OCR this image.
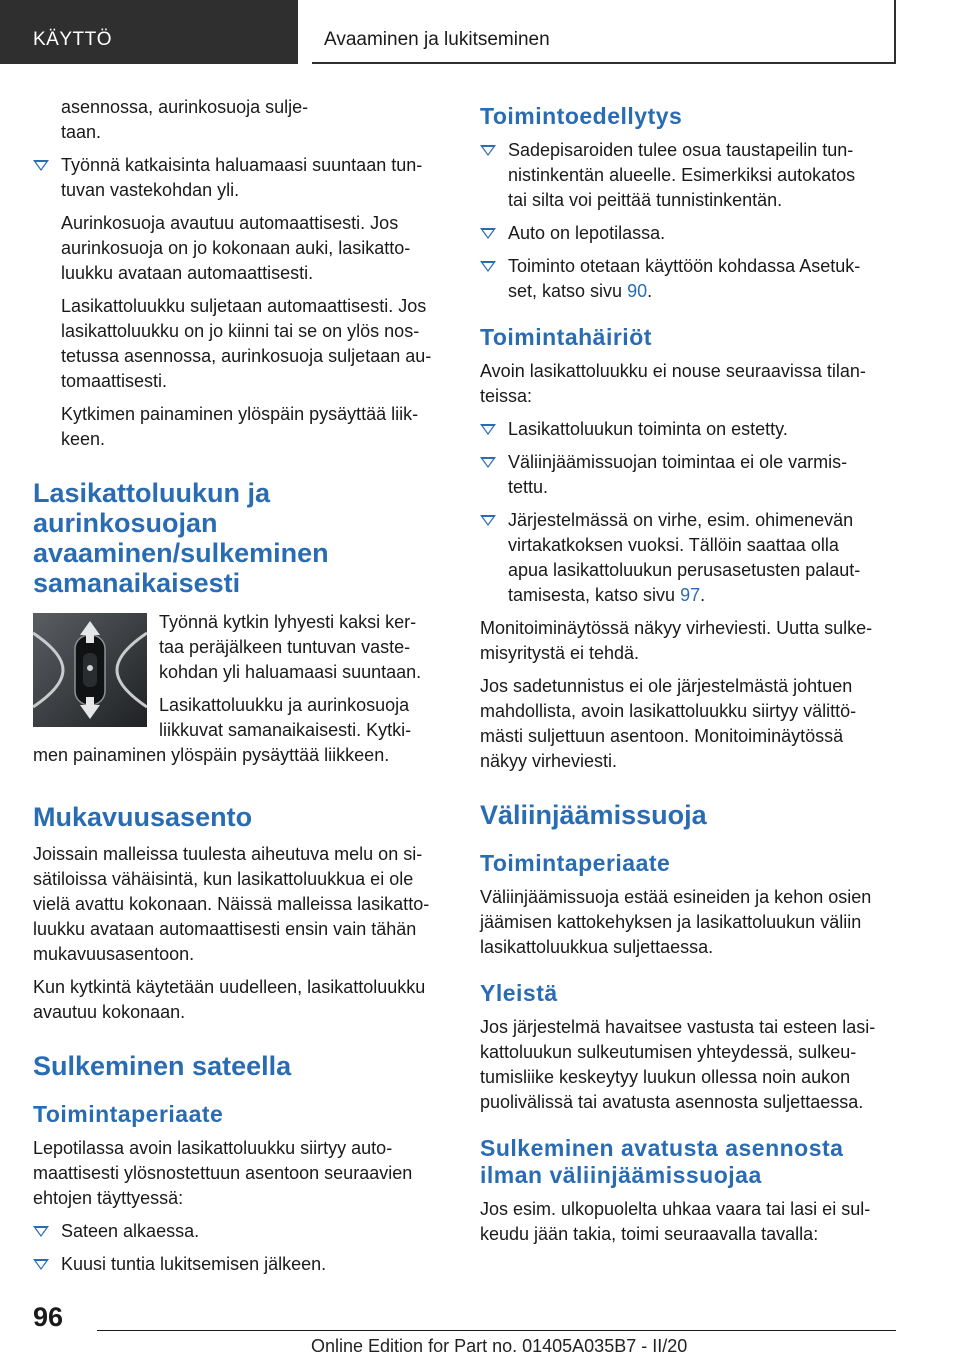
KÄYTTÖ	Avaaminen ja lukitseminen

asennossa, aurinkosuoja sulje-
taan.

Työnnä katkaisinta haluamaasi suuntaan tun-
tuvan vastekohdan yli.

Aurinkosuoja avautuu automaattisesti. Jos
aurinkosuoja on jo kokonaan auki, lasikatto-
luukku avataan automaattisesti.

Lasikattoluukku suljetaan automaattisesti. Jos
lasikattoluukku on jo kiinni tai se on ylös nos-
tetussa asennossa, aurinkosuoja suljetaan au-
tomaattisesti.

Kytkimen painaminen ylöspäin pysäyttää liik-
keen.

Lasikattoluukun ja aurinkosuojan
avaaminen/sulkeminen
samanaikaisesti

Työnnä kytkin lyhyesti kaksi ker-
taa peräjälkeen tuntuvan vaste-
kohdan yli haluamaasi suuntaan.

Lasikattoluukku ja aurinkosuoja
liikkuvat samanaikaisesti. Kytki-
men painaminen ylöspäin pysäyttää liikkeen.

Mukavuusasento

Joissain malleissa tuulesta aiheutuva melu on si-
sätiloissa vähäisintä, kun lasikattoluukkua ei ole
vielä avattu kokonaan. Näissä malleissa lasikatto-
luukku avataan automaattisesti ensin vain tähän
mukavuusasentoon.

Kun kytkintä käytetään uudelleen, lasikattoluukku
avautuu kokonaan.

Sulkeminen sateella
Toimintaperiaate

Lepotilassa avoin lasikattoluukku siirtyy auto-
maattisesti ylösnostettuun asentoon seuraavien
ehtojen täyttyessä:

Sateen alkaessa.
Kuusi tuntia lukitsemisen jälkeen.
Toimintoedellytys
Sadepisaroiden tulee osua taustapeilin tun-
nistinkentän alueelle. Esimerkiksi autokatos
tai silta voi peittää tunnistinkentän.
Auto on lepotilassa.
Toiminto otetaan käyttöön kohdassa Asetuk-
set, katso sivu 90.
Toimintahäiriöt

Avoin lasikattoluukku ei nouse seuraavissa tilan-
teissa:

Lasikattoluukun toiminta on estetty.
Väliinjäämissuojan toimintaa ei ole varmis-
tettu.
Järjestelmässä on virhe, esim. ohimenevän
virtakatkoksen vuoksi. Tällöin saattaa olla
apua lasikattoluukun perusasetusten palaut-
tamisesta, katso sivu 97.

Monitoiminäytössä näkyy virheviesti. Uutta sulke-
misyritystä ei tehdä.

Jos sadetunnistus ei ole järjestelmästä johtuen
mahdollista, avoin lasikattoluukku siirtyy välittö-
mästi suljettuun asentoon. Monitoiminäytössä
näkyy virheviesti.

Väliinjäämissuoja
Toimintaperiaate

Väliinjäämissuoja estää esineiden ja kehon osien
jäämisen kattokehyksen ja lasikattoluukun väliin
lasikattoluukkua suljettaessa.

Yleistä

Jos järjestelmä havaitsee vastusta tai esteen lasi-
kattoluukun sulkeutumisen yhteydessä, sulkeu-
tumisliike keskeytyy luukun ollessa noin aukon
puolivälissä tai avatusta asennosta suljettaessa.

Sulkeminen avatusta asennosta
ilman väliinjäämissuojaa

Jos esim. ulkopuolelta uhkaa vaara tai lasi ei sul-
keudu jään takia, toimi seuraavalla tavalla:

96
Online Edition for Part no. 01405A035B7 - II/20
